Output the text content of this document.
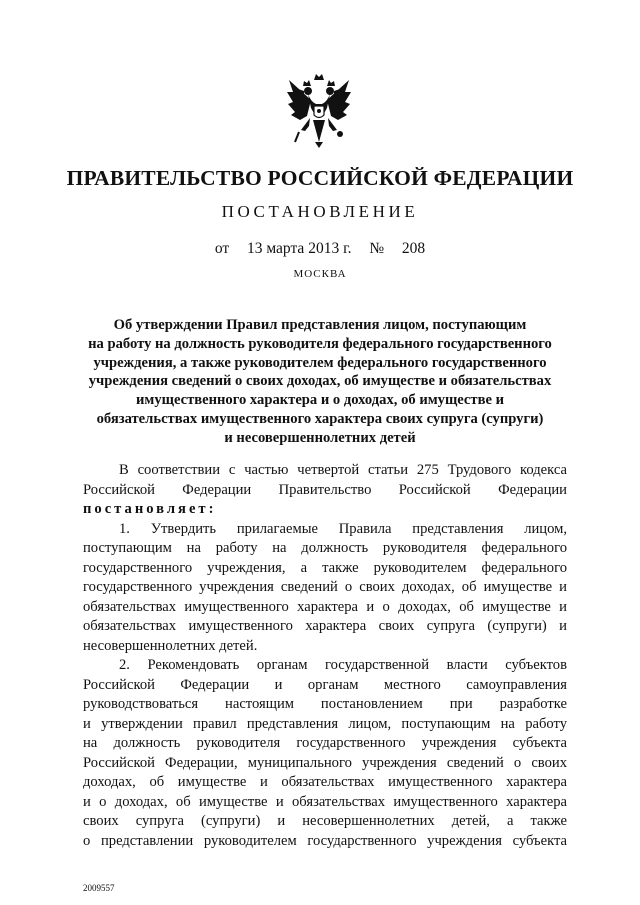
ПРАВИТЕЛЬСТВО РОССИЙСКОЙ ФЕДЕРАЦИИ
ПОСТАНОВЛЕНИЕ
от 13 марта 2013 г. № 208
МОСКВА
Об утверждении Правил представления лицом, поступающим
на работу на должность руководителя федерального государственного
учреждения, а также руководителем федерального государственного
учреждения сведений о своих доходах, об имуществе и обязательствах
имущественного характера и о доходах, об имуществе и
обязательствах имущественного характера своих супруга (супруги)
и несовершеннолетних детей
В соответствии с частью четвертой статьи 275 Трудового кодекса
Российской Федерации Правительство Российской Федерации
постановляет:
1. Утвердить прилагаемые Правила представления лицом,
поступающим на работу на должность руководителя федерального
государственного учреждения, а также руководителем федерального
государственного учреждения сведений о своих доходах, об имуществе и
обязательствах имущественного характера и о доходах, об имуществе и
обязательствах имущественного характера своих супруга (супруги) и
несовершеннолетних детей.
2. Рекомендовать органам государственной власти субъектов
Российской Федерации и органам местного самоуправления
руководствоваться настоящим постановлением при разработке
и утверждении правил представления лицом, поступающим на работу
на должность руководителя государственного учреждения субъекта
Российской Федерации, муниципального учреждения сведений о своих
доходах, об имуществе и обязательствах имущественного характера
и о доходах, об имуществе и обязательствах имущественного характера
своих супруга (супруги) и несовершеннолетних детей, а также
о представлении руководителем государственного учреждения субъекта
2009557
